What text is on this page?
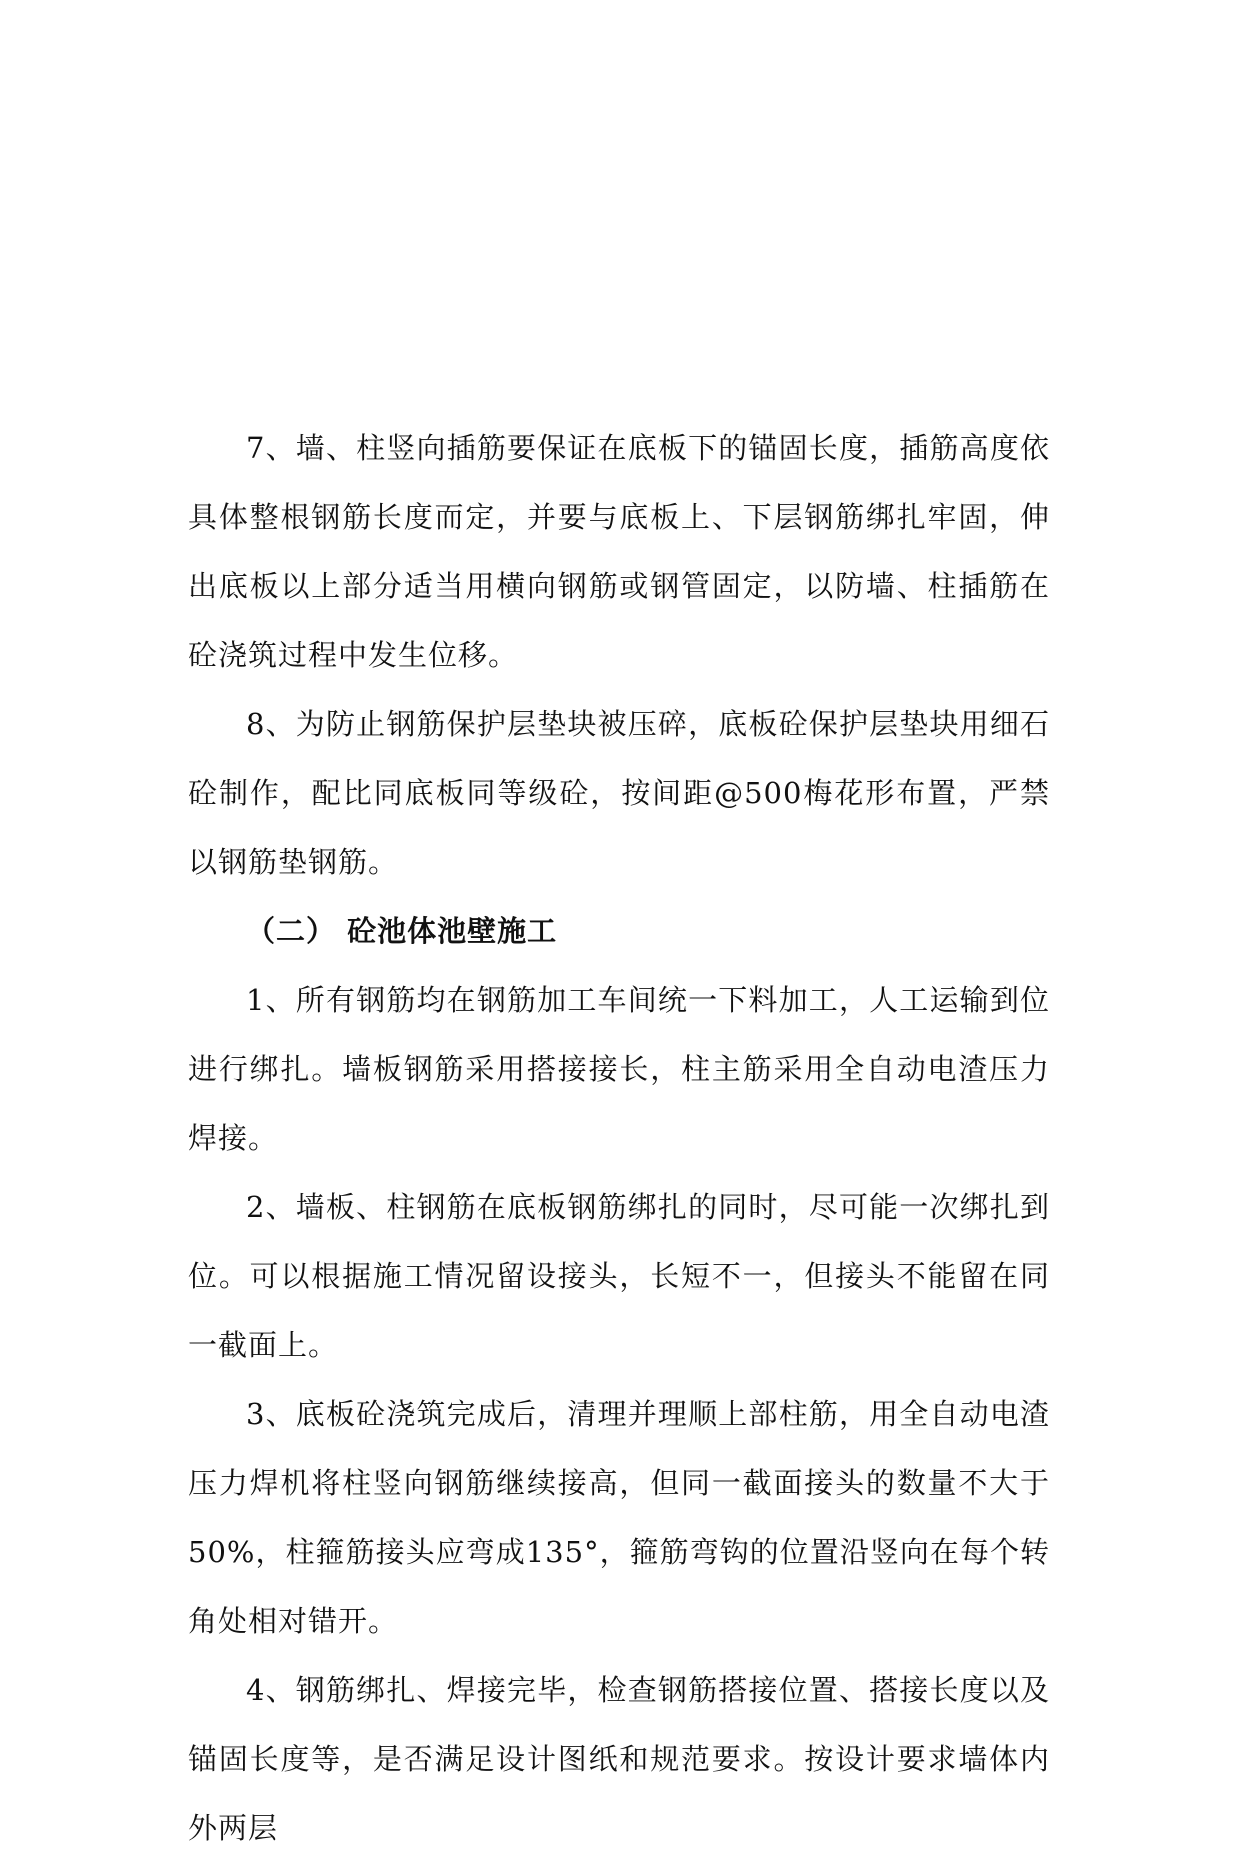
7、墙、柱竖向插筋要保证在底板下的锚固长度，插筋高度依具体整根钢筋长度而定，并要与底板上、下层钢筋绑扎牢固，伸出底板以上部分适当用横向钢筋或钢管固定，以防墙、柱插筋在砼浇筑过程中发生位移。

8、为防止钢筋保护层垫块被压碎，底板砼保护层垫块用细石砼制作，配比同底板同等级砼，按间距@500梅花形布置，严禁以钢筋垫钢筋。

（二） 砼池体池壁施工

1、所有钢筋均在钢筋加工车间统一下料加工，人工运输到位进行绑扎。墙板钢筋采用搭接接长，柱主筋采用全自动电渣压力焊接。

2、墙板、柱钢筋在底板钢筋绑扎的同时，尽可能一次绑扎到位。可以根据施工情况留设接头，长短不一，但接头不能留在同一截面上。

3、底板砼浇筑完成后，清理并理顺上部柱筋，用全自动电渣压力焊机将柱竖向钢筋继续接高，但同一截面接头的数量不大于50%，柱箍筋接头应弯成135°，箍筋弯钩的位置沿竖向在每个转角处相对错开。

4、钢筋绑扎、焊接完毕，检查钢筋搭接位置、搭接长度以及锚固长度等，是否满足设计图纸和规范要求。按设计要求墙体内外两层
